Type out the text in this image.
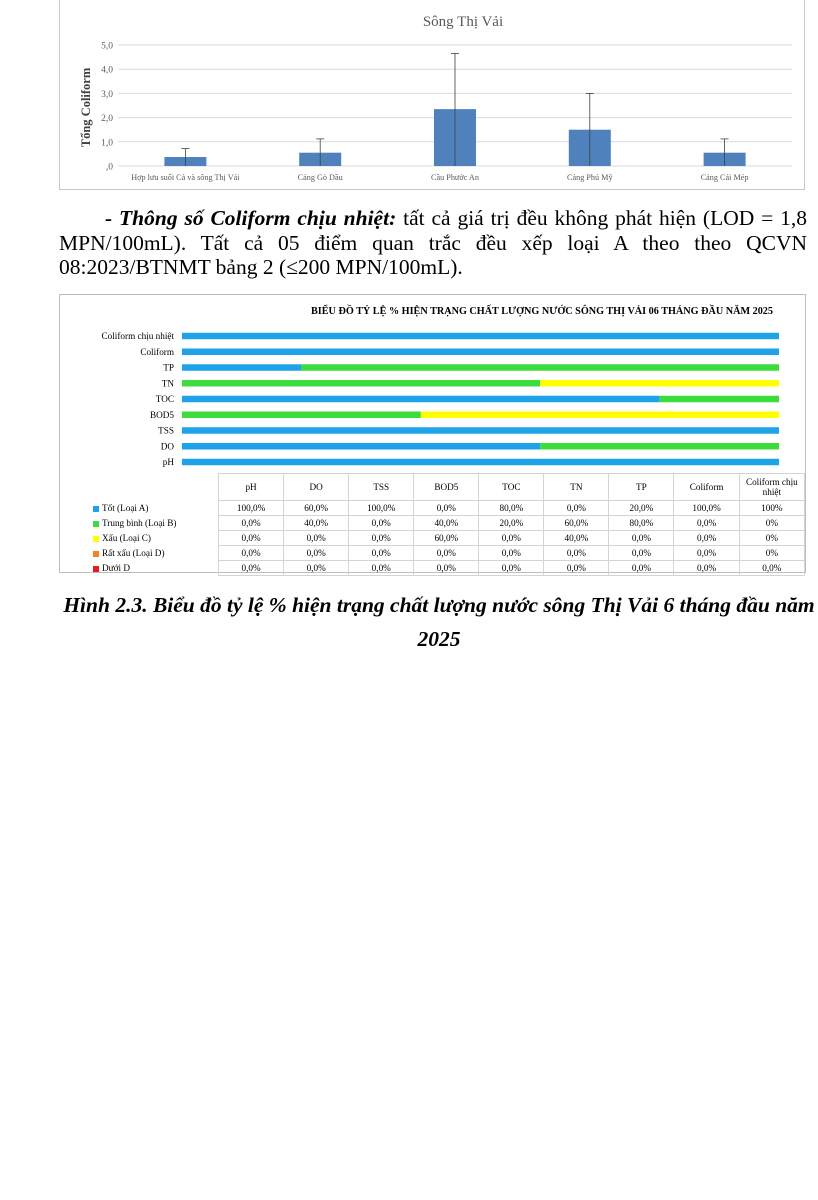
Sông Thị Vải
,0
1,0
2,0
3,0
4,0
5,0
Tổng Coliform
Hợp lưu suối Cả và sông Thị Vải	Cảng Gò Dầu	Cầu Phước An	Cảng Phú Mỹ	Cảng Cái Mép
- Thông số Coliform chịu nhiệt: tất cả giá trị đều không phát hiện (LOD = 1,8 MPN/100mL). Tất cả 05 điểm quan trắc đều xếp loại A theo theo QCVN 08:2023/BTNMT bảng 2 (≤200 MPN/100mL).
BIỂU ĐỒ TỶ LỆ % HIỆN TRẠNG CHẤT LƯỢNG NƯỚC SÔNG THỊ VẢI 06 THÁNG ĐẦU NĂM 2025
Coliform chịu nhiệt
Coliform
TP
TN
TOC
BOD5
TSS
DO
pH
	pH	DO	TSS	BOD5	TOC	TN	TP	Coliform	Coliform chịu nhiệt
Tốt (Loại A)	100,0%	60,0%	100,0%	0,0%	80,0%	0,0%	20,0%	100,0%	100%
Trung bình (Loại B)	0,0%	40,0%	0,0%	40,0%	20,0%	60,0%	80,0%	0,0%	0%
Xấu (Loại C)	0,0%	0,0%	0,0%	60,0%	0,0%	40,0%	0,0%	0,0%	0%
Rất xấu (Loại D)	0,0%	0,0%	0,0%	0,0%	0,0%	0,0%	0,0%	0,0%	0%
Dưới D	0,0%	0,0%	0,0%	0,0%	0,0%	0,0%	0,0%	0,0%	0,0%
Hình 2.3. Biểu đồ tỷ lệ % hiện trạng chất lượng nước sông Thị Vải 6 tháng đầu năm 2025
